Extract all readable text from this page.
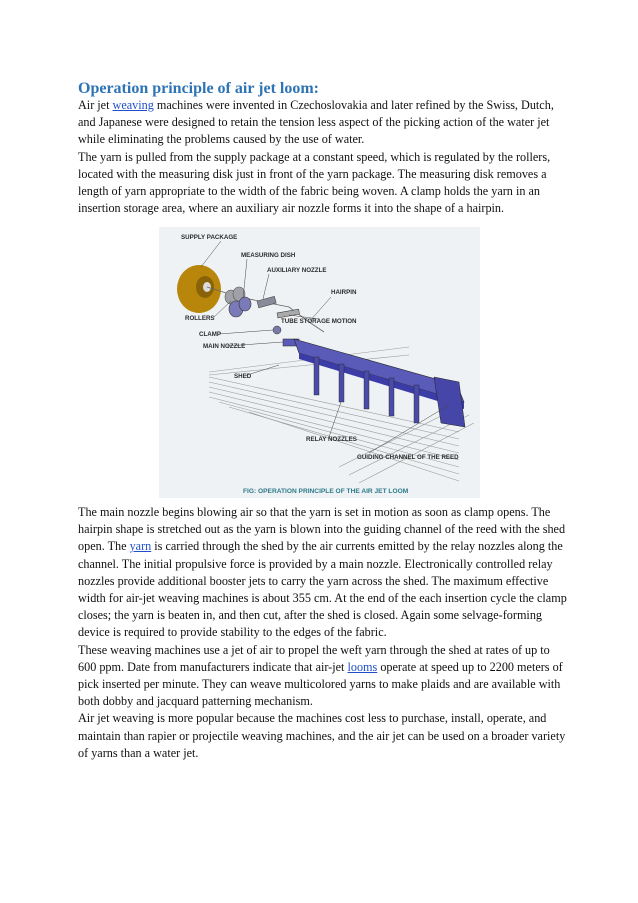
Operation principle of air jet loom:
Air jet weaving machines were invented in Czechoslovakia and later refined by the Swiss, Dutch, and Japanese were designed to retain the tension less aspect of the picking action of the water jet while eliminating the problems caused by the use of water.
The yarn is pulled from the supply package at a constant speed, which is regulated by the rollers, located with the measuring disk just in front of the yarn package. The measuring disk removes a length of yarn appropriate to the width of the fabric being woven. A clamp holds the yarn in an insertion storage area, where an auxiliary air nozzle forms it into the shape of a hairpin.
SUPPLY PACKAGE
MEASURING DISH
AUXILIARY NOZZLE
HAIRPIN
ROLLERS	TUBE STORAGE MOTION
CLAMP
MAIN NOZZLE
SHED
RELAY NOZZLES
GUIDING CHANNEL OF THE REED
FIG: OPERATION PRINCIPLE OF THE AIR JET LOOM
The main nozzle begins blowing air so that the yarn is set in motion as soon as clamp opens. The hairpin shape is stretched out as the yarn is blown into the guiding channel of the reed with the shed open. The yarn is carried through the shed by the air currents emitted by the relay nozzles along the channel. The initial propulsive force is provided by a main nozzle. Electronically controlled relay nozzles provide additional booster jets to carry the yarn across the shed. The maximum effective width for air-jet weaving machines is about 355 cm. At the end of the each insertion cycle the clamp closes; the yarn is beaten in, and then cut, after the shed is closed. Again some selvage-forming device is required to provide stability to the edges of the fabric.
These weaving machines use a jet of air to propel the weft yarn through the shed at rates of up to 600 ppm. Date from manufacturers indicate that air-jet looms operate at speed up to 2200 meters of pick inserted per minute. They can weave multicolored yarns to make plaids and are available with both dobby and jacquard patterning mechanism.
Air jet weaving is more popular because the machines cost less to purchase, install, operate, and maintain than rapier or projectile weaving machines, and the air jet can be used on a broader variety of yarns than a water jet.
